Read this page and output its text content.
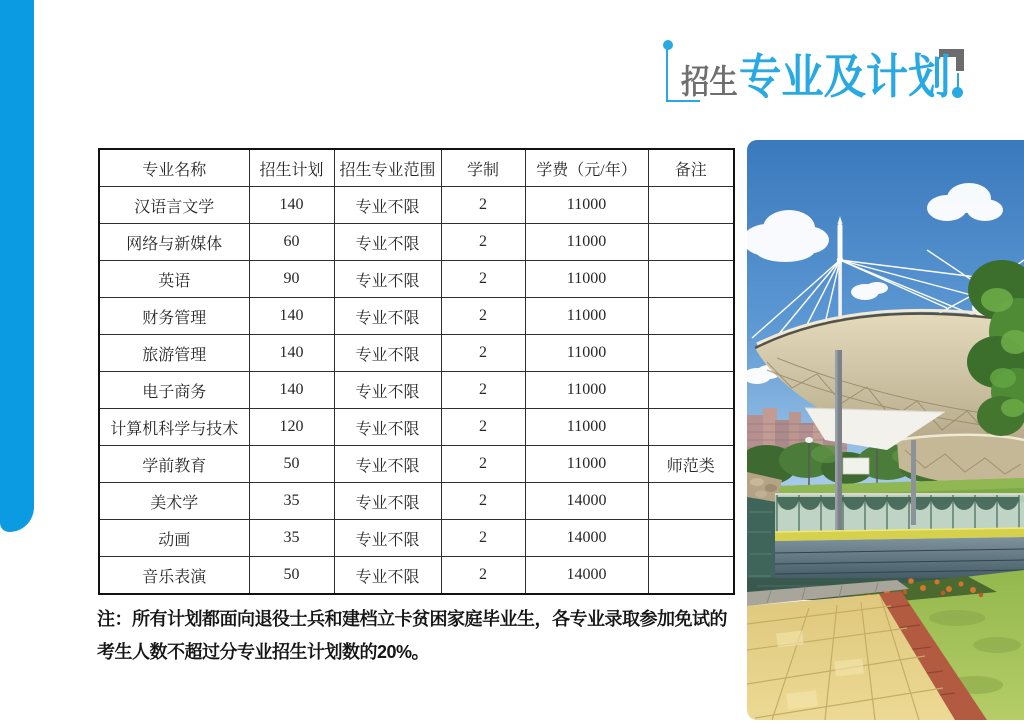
招生 专业及计划
专业名称	招生计划	招生专业范围	学制	学费（元/年）	备注
汉语言文学	140	专业不限	2	11000	
网络与新媒体	60	专业不限	2	11000	
英语	90	专业不限	2	11000	
财务管理	140	专业不限	2	11000	
旅游管理	140	专业不限	2	11000	
电子商务	140	专业不限	2	11000	
计算机科学与技术	120	专业不限	2	11000	
学前教育	50	专业不限	2	11000	师范类
美术学	35	专业不限	2	14000	
动画	35	专业不限	2	14000	
音乐表演	50	专业不限	2	14000	
注：所有计划都面向退役士兵和建档立卡贫困家庭毕业生，各专业录取参加免试的
考生人数不超过分专业招生计划数的20%。
